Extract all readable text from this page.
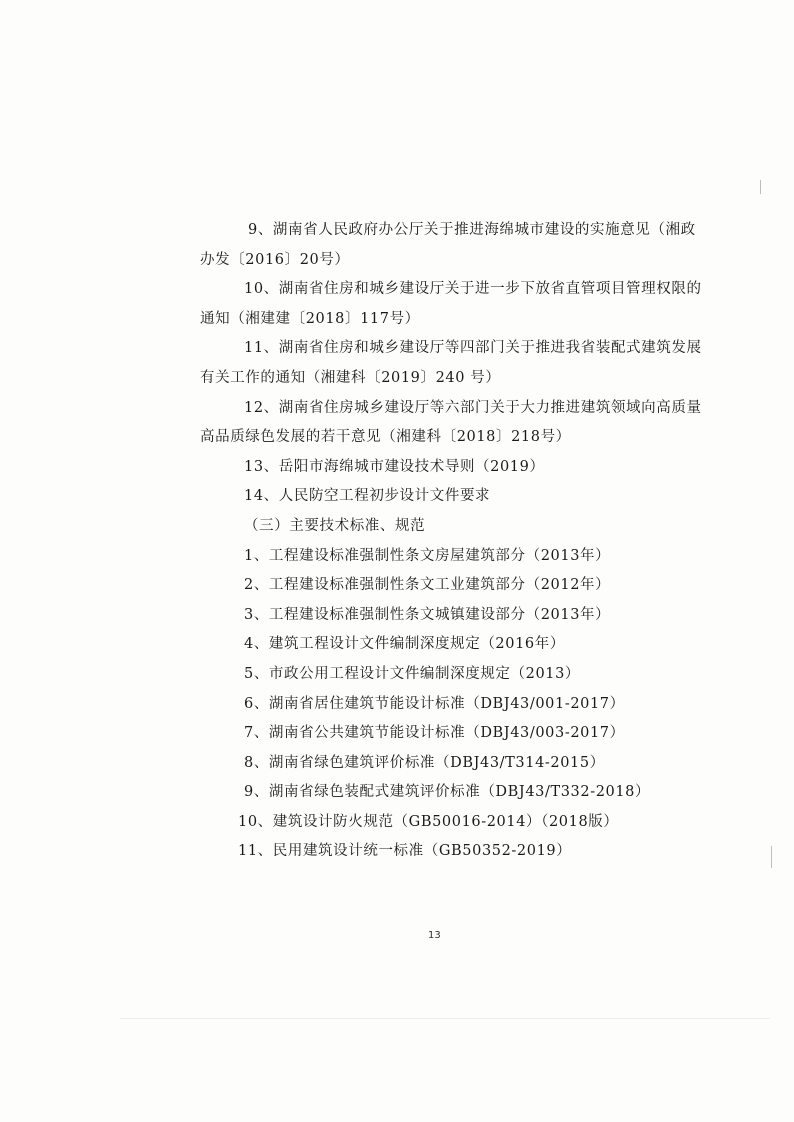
9、湖南省人民政府办公厅关于推进海绵城市建设的实施意见（湘政
办发〔2016〕20号）
10、湖南省住房和城乡建设厅关于进一步下放省直管项目管理权限的
通知（湘建建〔2018〕117号）
11、湖南省住房和城乡建设厅等四部门关于推进我省装配式建筑发展
有关工作的通知（湘建科〔2019〕240 号）
12、湖南省住房城乡建设厅等六部门关于大力推进建筑领域向高质量
高品质绿色发展的若干意见（湘建科〔2018〕218号）
13、岳阳市海绵城市建设技术导则（2019）
14、人民防空工程初步设计文件要求
（三）主要技术标准、规范
1、工程建设标准强制性条文房屋建筑部分（2013年）
2、工程建设标准强制性条文工业建筑部分（2012年）
3、工程建设标准强制性条文城镇建设部分（2013年）
4、建筑工程设计文件编制深度规定（2016年）
5、市政公用工程设计文件编制深度规定（2013）
6、湖南省居住建筑节能设计标准（DBJ43/001-2017）
7、湖南省公共建筑节能设计标准（DBJ43/003-2017）
8、湖南省绿色建筑评价标准（DBJ43/T314-2015）
9、湖南省绿色装配式建筑评价标准（DBJ43/T332-2018）
10、建筑设计防火规范（GB50016-2014）（2018版）
11、民用建筑设计统一标准（GB50352-2019）
13
